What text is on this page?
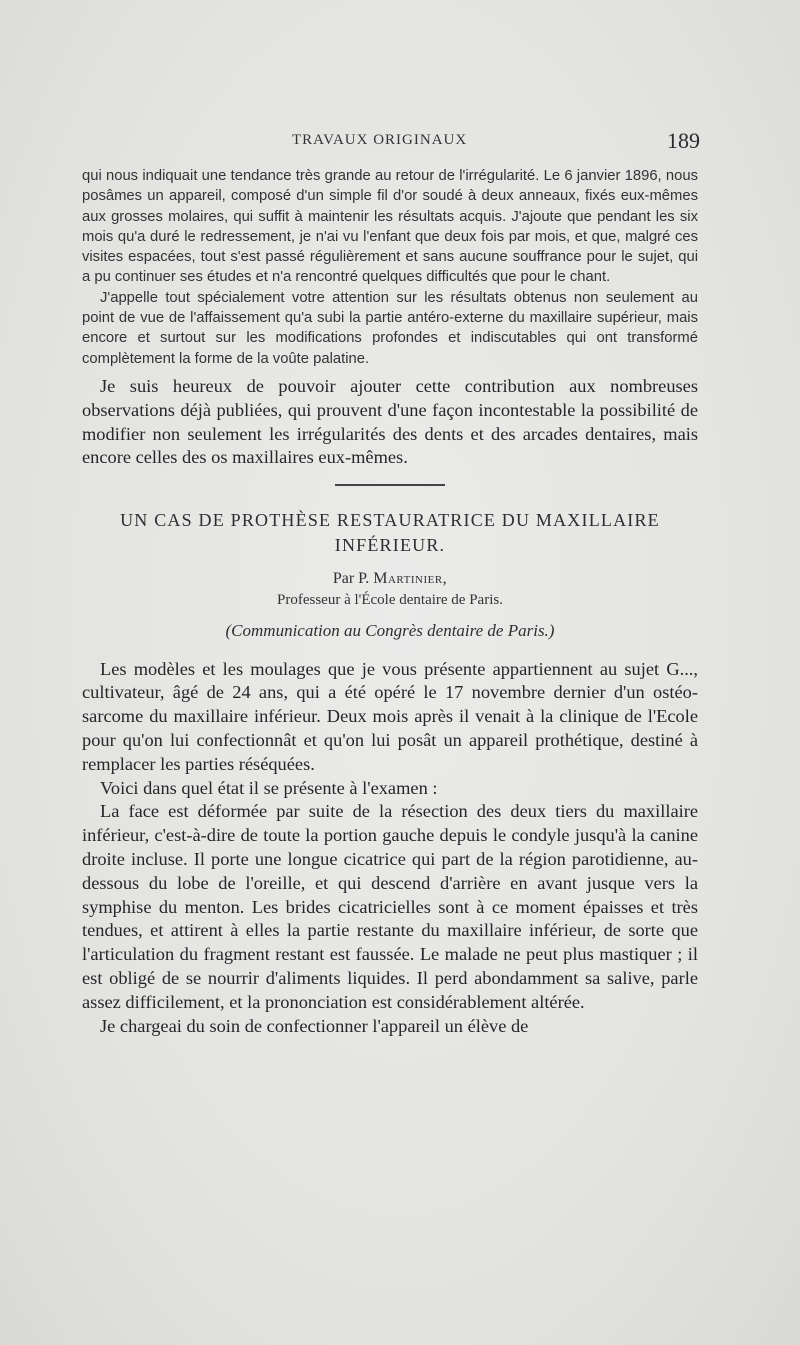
TRAVAUX ORIGINAUX	189

qui nous indiquait une tendance très grande au retour de l'irrégularité. Le 6 janvier 1896, nous posâmes un appareil, composé d'un simple fil d'or soudé à deux anneaux, fixés eux-mêmes aux grosses molaires, qui suffit à maintenir les résultats acquis. J'ajoute que pendant les six mois qu'a duré le redressement, je n'ai vu l'enfant que deux fois par mois, et que, malgré ces visites espacées, tout s'est passé régulièrement et sans aucune souffrance pour le sujet, qui a pu continuer ses études et n'a rencontré quelques difficultés que pour le chant.

J'appelle tout spécialement votre attention sur les résultats obtenus non seulement au point de vue de l'affaissement qu'a subi la partie antéro-externe du maxillaire supérieur, mais encore et surtout sur les modifications profondes et indiscutables qui ont transformé complètement la forme de la voûte palatine.

Je suis heureux de pouvoir ajouter cette contribution aux nombreuses observations déjà publiées, qui prouvent d'une façon incontestable la possibilité de modifier non seulement les irrégularités des dents et des arcades dentaires, mais encore celles des os maxillaires eux-mêmes.

UN CAS DE PROTHÈSE RESTAURATRICE DU MAXILLAIRE
INFÉRIEUR.
Par P. Martinier,
Professeur à l'École dentaire de Paris.
(Communication au Congrès dentaire de Paris.)

Les modèles et les moulages que je vous présente appartiennent au sujet G..., cultivateur, âgé de 24 ans, qui a été opéré le 17 novembre dernier d'un ostéo-sarcome du maxillaire inférieur. Deux mois après il venait à la clinique de l'Ecole pour qu'on lui confectionnât et qu'on lui posât un appareil prothétique, destiné à remplacer les parties réséquées.

Voici dans quel état il se présente à l'examen :

La face est déformée par suite de la résection des deux tiers du maxillaire inférieur, c'est-à-dire de toute la portion gauche depuis le condyle jusqu'à la canine droite incluse. Il porte une longue cicatrice qui part de la région parotidienne, au-dessous du lobe de l'oreille, et qui descend d'arrière en avant jusque vers la symphise du menton. Les brides cicatricielles sont à ce moment épaisses et très tendues, et attirent à elles la partie restante du maxillaire inférieur, de sorte que l'articulation du fragment restant est faussée. Le malade ne peut plus mastiquer ; il est obligé de se nourrir d'aliments liquides. Il perd abondamment sa salive, parle assez difficilement, et la prononciation est considérablement altérée.

Je chargeai du soin de confectionner l'appareil un élève de
